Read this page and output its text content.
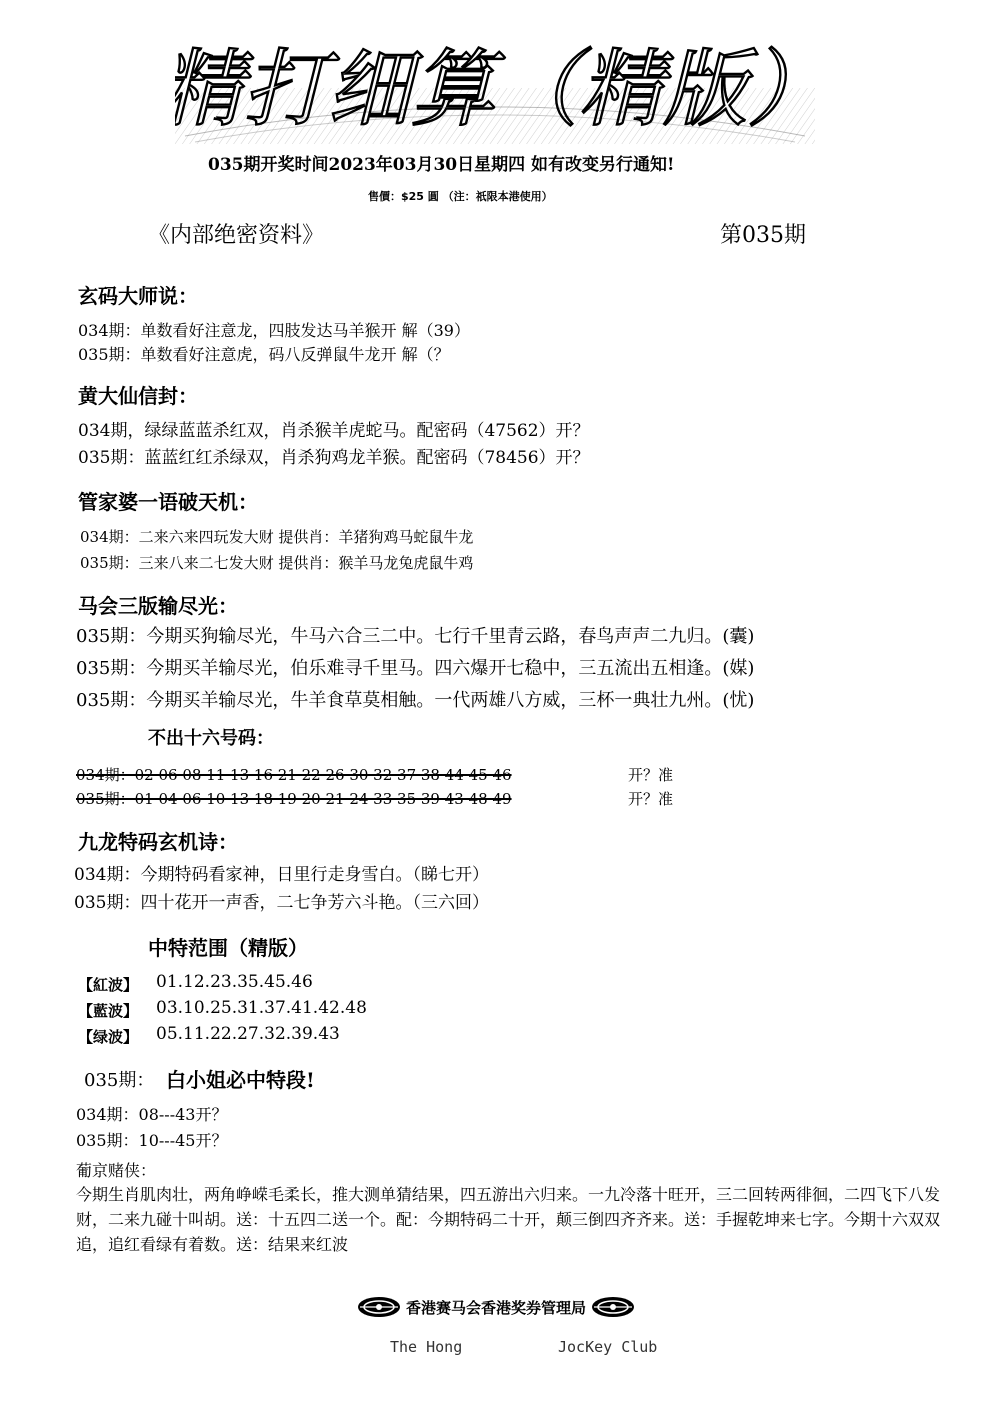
精打细算（精版）
035期开奖时间2023年03月30日星期四 如有改变另行通知!
售價：$25 圓 （注：祇限本港使用）
《内部绝密资料》	第035期
玄码大师说：
034期：单数看好注意龙，四肢发达马羊猴开 解（39）
035期：单数看好注意虎，码八反弹鼠牛龙开 解（？
黄大仙信封：
034期，绿绿蓝蓝杀红双，肖杀猴羊虎蛇马。配密码（47562）开？
035期：蓝蓝红红杀绿双，肖杀狗鸡龙羊猴。配密码（78456）开？
管家婆一语破天机：
034期：二来六来四玩发大财 提供肖：羊猪狗鸡马蛇鼠牛龙
035期：三来八来二七发大财 提供肖：猴羊马龙兔虎鼠牛鸡
马会三版输尽光：
035期：今期买狗输尽光，牛马六合三二中。七行千里青云路，春鸟声声二九归。(囊)
035期：今期买羊输尽光，伯乐难寻千里马。四六爆开七稳中，三五流出五相逢。(媒)
035期：今期买羊输尽光，牛羊食草莫相触。一代两雄八方威，三杯一典壮九州。(忧)
不出十六号码：
034期：02 06 08 11 13 16 21 22 26 30 32 37 38 44 45 46	开？准
035期：01 04 06 10 13 18 19 20 21 24 33 35 39 43 48 49	开？准
九龙特码玄机诗：
034期：今期特码看家神，日里行走身雪白。（睇七开）
035期：四十花开一声香，二七争芳六斗艳。（三六回）
中特范围（精版）
【紅波】 01.12.23.35.45.46
【藍波】 03.10.25.31.37.41.42.48
【绿波】 05.11.22.27.32.39.43
035期： 白小姐必中特段!
034期：08---43开？
035期：10---45开？
葡京赌侠：
今期生肖肌肉壮，两角峥嵘毛柔长，推大测单猜结果，四五游出六归来。一九冷落十旺开，三二回转两徘徊，二四飞下八发财，二来九碰十叫胡。送：十五四二送一个。配：今期特码二十开，颠三倒四齐齐来。送：手握乾坤来七字。今期十六双双追，追红看绿有着数。送：结果来红波
香港赛马会香港奖券管理局
The Hong	JocKey Club
